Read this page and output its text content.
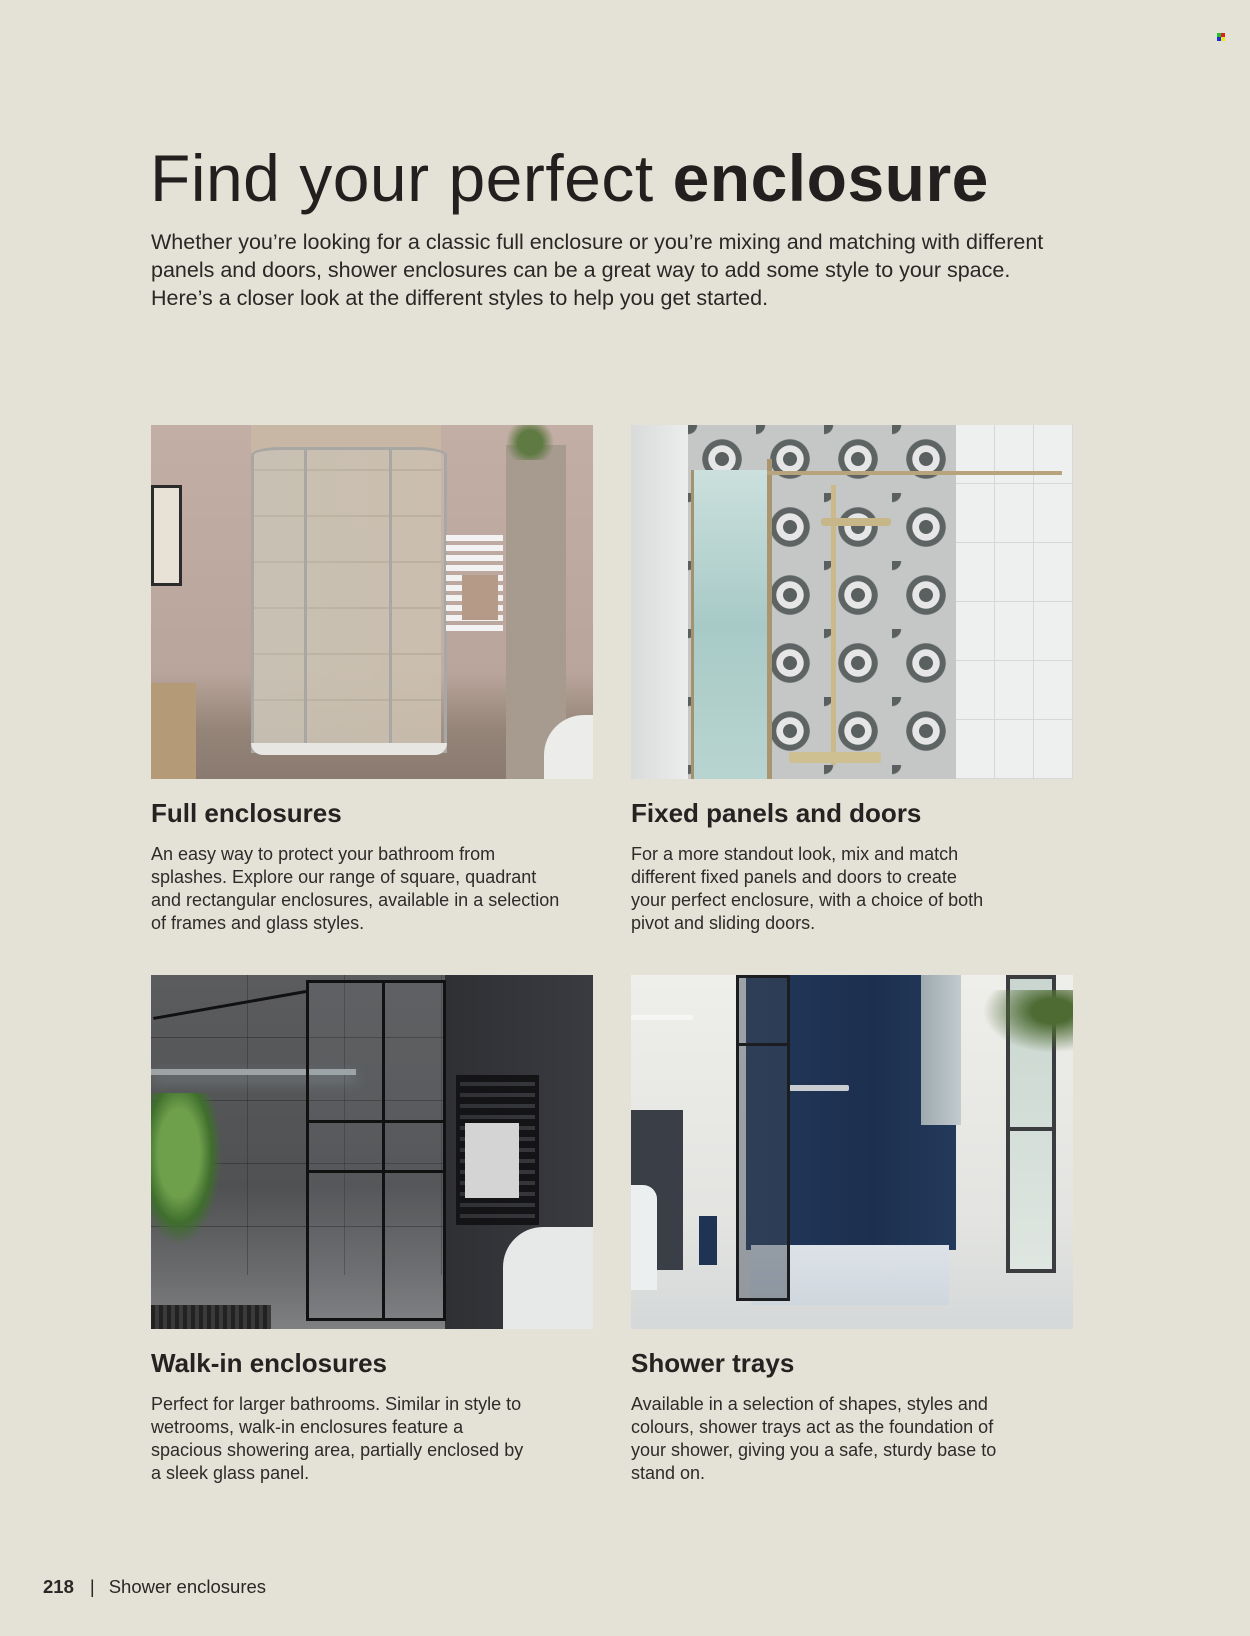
Find your perfect enclosure

Whether you’re looking for a classic full enclosure or you’re mixing and matching with different panels and doors, shower enclosures can be a great way to add some style to your space. Here’s a closer look at the different styles to help you get started.

Full enclosures

An easy way to protect your bathroom from splashes. Explore our range of square, quadrant and rectangular enclosures, available in a selection of frames and glass styles.

Fixed panels and doors

For a more standout look, mix and match different fixed panels and doors to create your perfect enclosure, with a choice of both pivot and sliding doors.

Walk-in enclosures

Perfect for larger bathrooms. Similar in style to wetrooms, walk-in enclosures feature a spacious showering area, partially enclosed by a sleek glass panel.

Shower trays

Available in a selection of shapes, styles and colours, shower trays act as the foundation of your shower, giving you a safe, sturdy base to stand on.

218 | Shower enclosures
